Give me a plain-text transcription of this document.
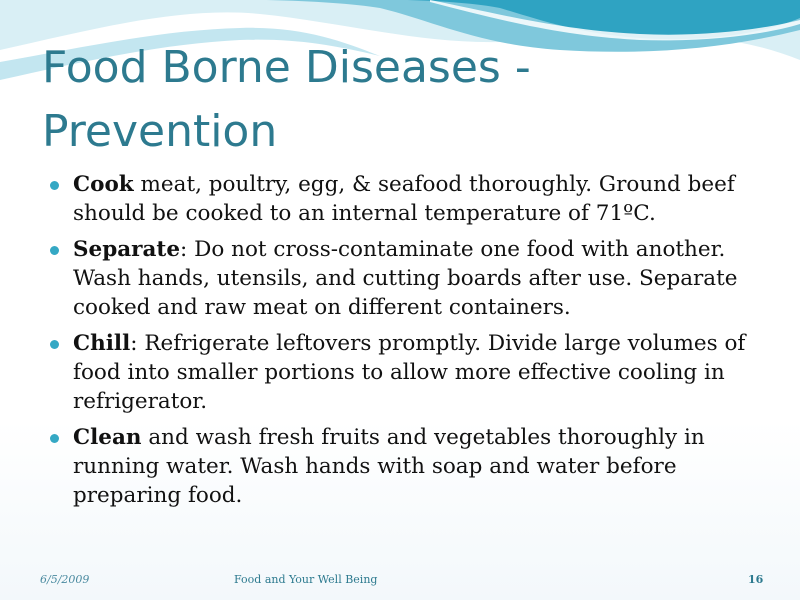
Food Borne Diseases - Prevention
Cook meat, poultry, egg, & seafood thoroughly. Ground beef should be cooked to an internal temperature of 71ºC.
Separate: Do not cross-contaminate one food with another. Wash hands, utensils, and cutting boards after use. Separate cooked and raw meat on different containers.
Chill: Refrigerate leftovers promptly. Divide large volumes of food into smaller portions to allow more effective cooling in refrigerator.
Clean and wash fresh fruits and vegetables thoroughly in running water. Wash hands with soap and water before preparing food.
6/5/2009	Food and Your Well Being	16
